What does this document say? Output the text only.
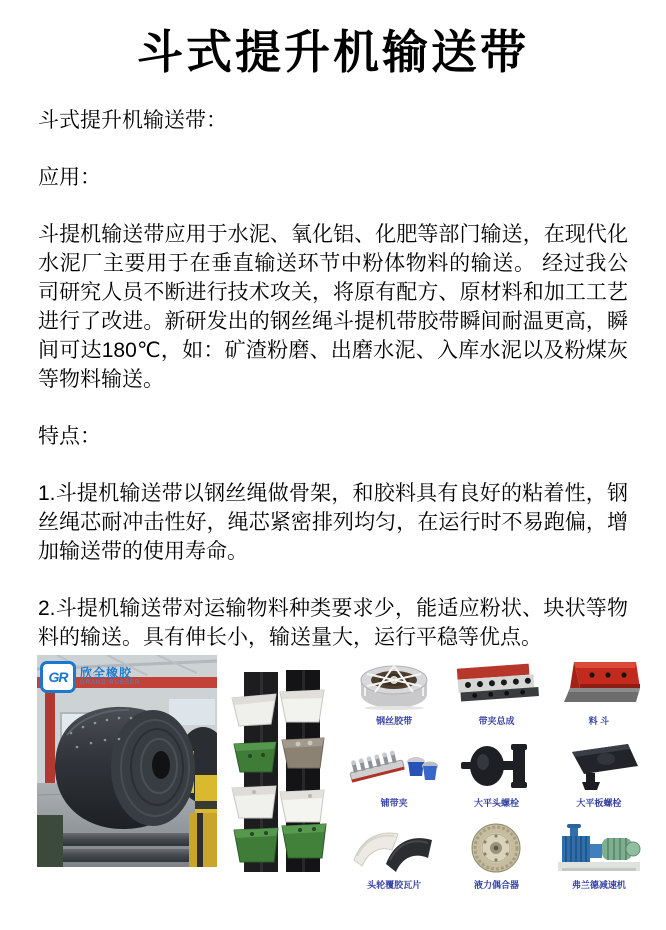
斗式提升机输送带

斗式提升机输送带：

应用：

斗提机输送带应用于水泥、氧化铝、化肥等部门输送，在现代化水泥厂主要用于在垂直输送环节中粉体物料的输送。 经过我公司研究人员不断进行技术攻关，将原有配方、原材料和加工工艺进行了改进。新研发出的钢丝绳斗提机带胶带瞬间耐温更高，瞬间可达180℃，如：矿渣粉磨、出磨水泥、入库水泥以及粉煤灰等物料输送。

特点：

1.斗提机输送带以钢丝绳做骨架，和胶料具有良好的粘着性，钢丝绳芯耐冲击性好，绳芯紧密排列均匀，在运行时不易跑偏，增加输送带的使用寿命。

2.斗提机输送带对运输物料种类要求少，能适应粉状、块状等物料的输送。具有伸长小，输送量大，运行平稳等优点。

GR 欣全橡胶
GRAND RUBBER
钢丝胶带	带夹总成	料 斗
铺带夹	大平头螺栓	大平板螺栓
头轮覆胶瓦片	液力偶合器	弗兰德减速机
